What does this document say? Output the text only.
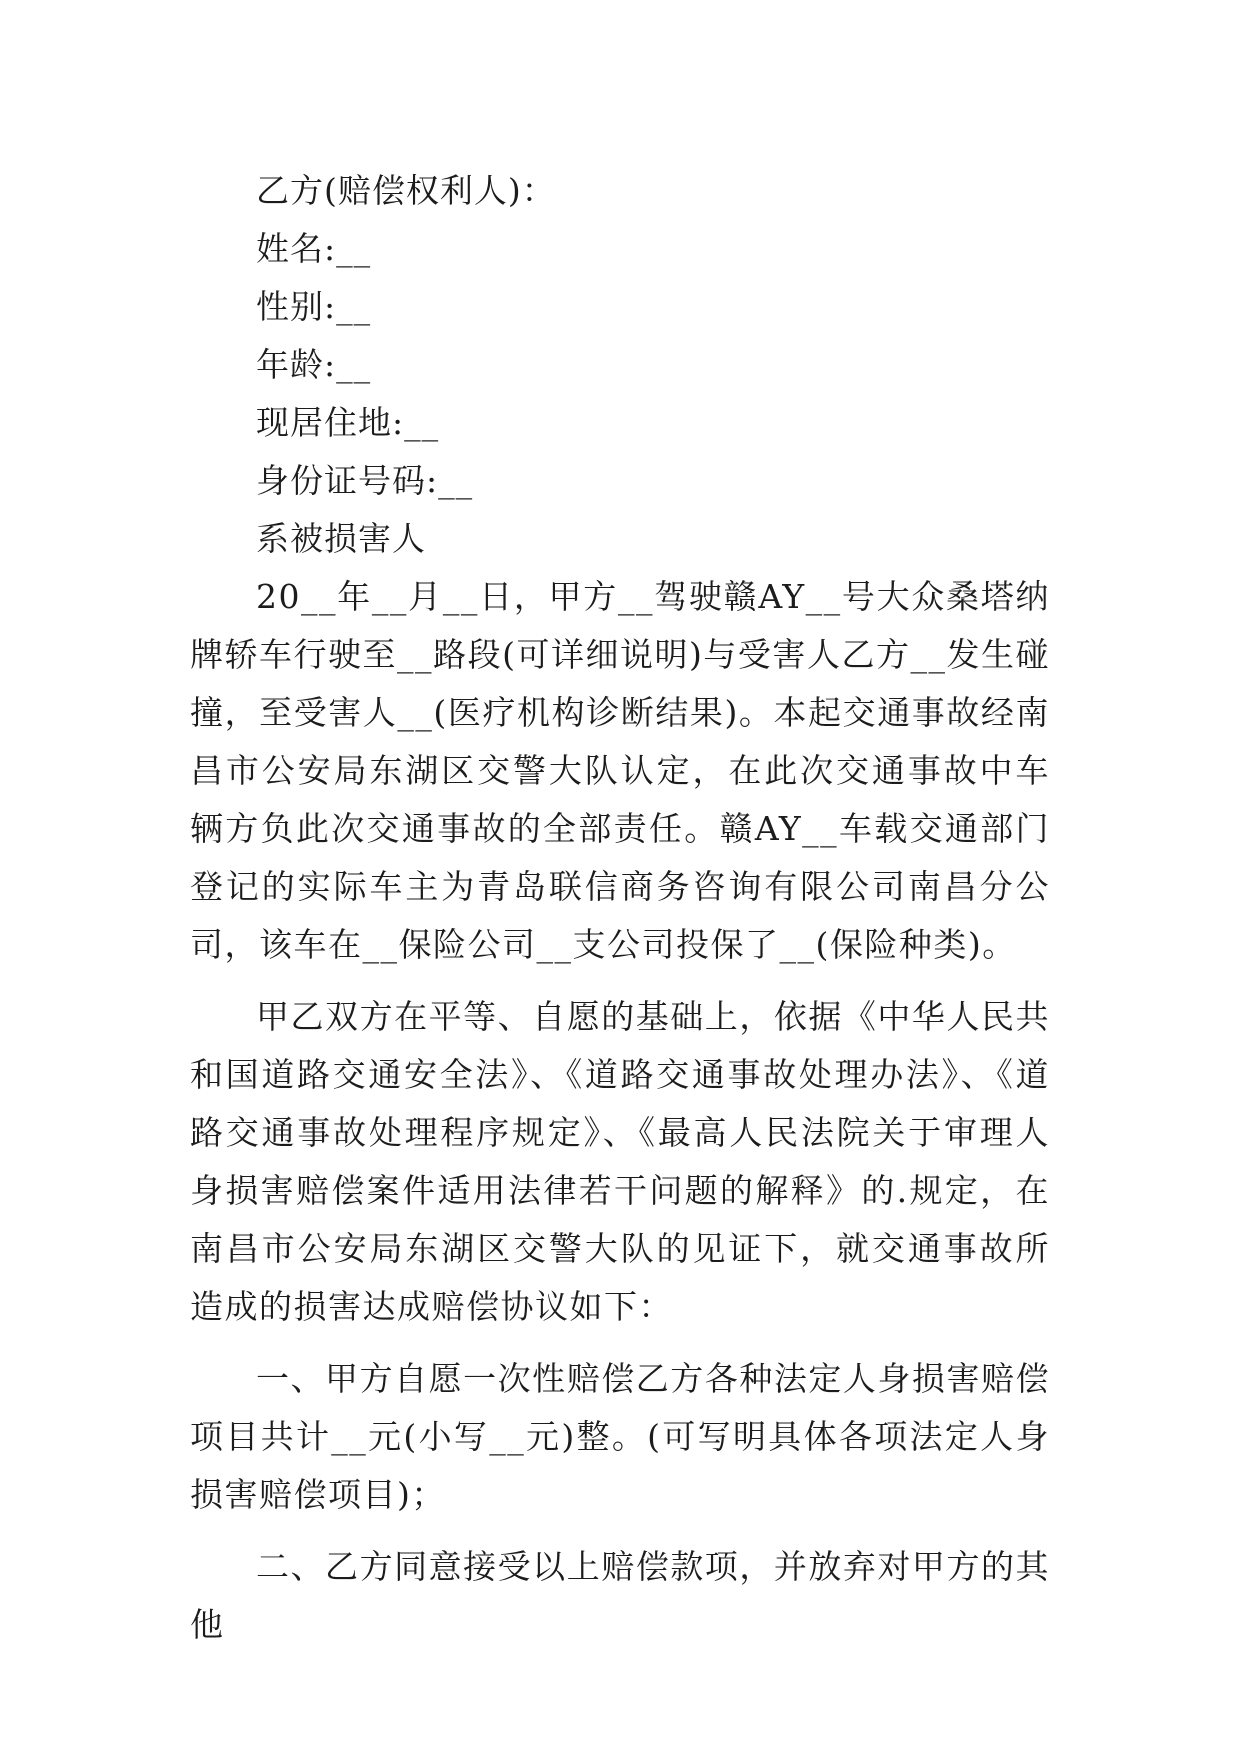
乙方(赔偿权利人)：

姓名:__

性别:__

年龄:__

现居住地:__

身份证号码:__

系被损害人

20__年__月__日，甲方__驾驶赣AY__号大众桑塔纳牌轿车行驶至__路段(可详细说明)与受害人乙方__发生碰撞，至受害人__(医疗机构诊断结果)。本起交通事故经南昌市公安局东湖区交警大队认定，在此次交通事故中车辆方负此次交通事故的全部责任。赣AY__车载交通部门登记的实际车主为青岛联信商务咨询有限公司南昌分公司，该车在__保险公司__支公司投保了__(保险种类)。

甲乙双方在平等、自愿的基础上，依据《中华人民共和国道路交通安全法》、《道路交通事故处理办法》、《道路交通事故处理程序规定》、《最高人民法院关于审理人身损害赔偿案件适用法律若干问题的解释》的.规定，在南昌市公安局东湖区交警大队的见证下，就交通事故所造成的损害达成赔偿协议如下：

一、甲方自愿一次性赔偿乙方各种法定人身损害赔偿项目共计__元(小写__元)整。(可写明具体各项法定人身损害赔偿项目)；

二、乙方同意接受以上赔偿款项，并放弃对甲方的其他
